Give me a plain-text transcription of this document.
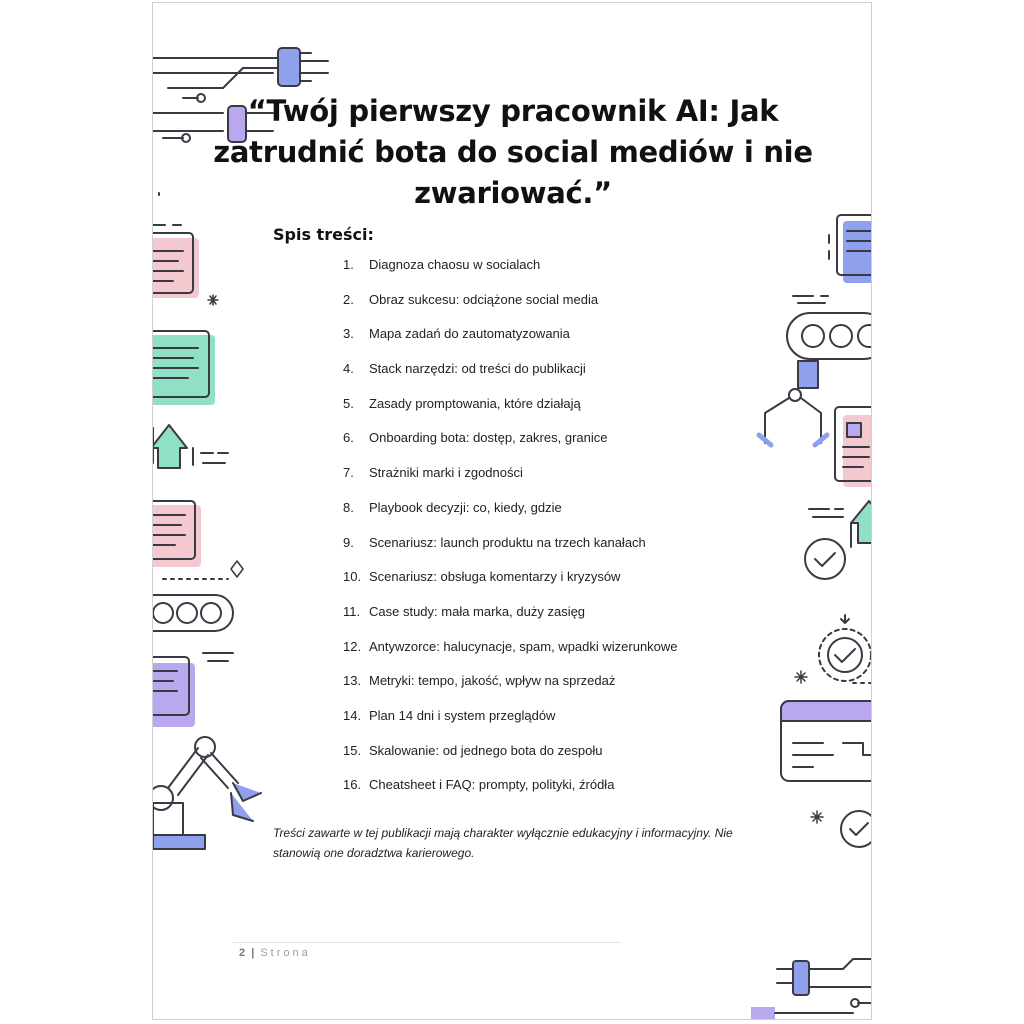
“Twój pierwszy pracownik AI: Jak zatrudnić bota do social mediów i nie zwariować.”
Spis treści:
1.	Diagnoza chaosu w socialach
2.	Obraz sukcesu: odciążone social media
3.	Mapa zadań do zautomatyzowania
4.	Stack narzędzi: od treści do publikacji
5.	Zasady promptowania, które działają
6.	Onboarding bota: dostęp, zakres, granice
7.	Strażniki marki i zgodności
8.	Playbook decyzji: co, kiedy, gdzie
9.	Scenariusz: launch produktu na trzech kanałach
10. Scenariusz: obsługa komentarzy i kryzysów
11. Case study: mała marka, duży zasięg
12. Antywzorce: halucynacje, spam, wpadki wizerunkowe
13. Metryki: tempo, jakość, wpływ na sprzedaż
14. Plan 14 dni i system przeglądów
15. Skalowanie: od jednego bota do zespołu
16. Cheatsheet i FAQ: prompty, polityki, źródła

Treści zawarte w tej publikacji mają charakter wyłącznie edukacyjny i informacyjny. Nie stanowią one doradztwa karierowego.

2 | Strona
